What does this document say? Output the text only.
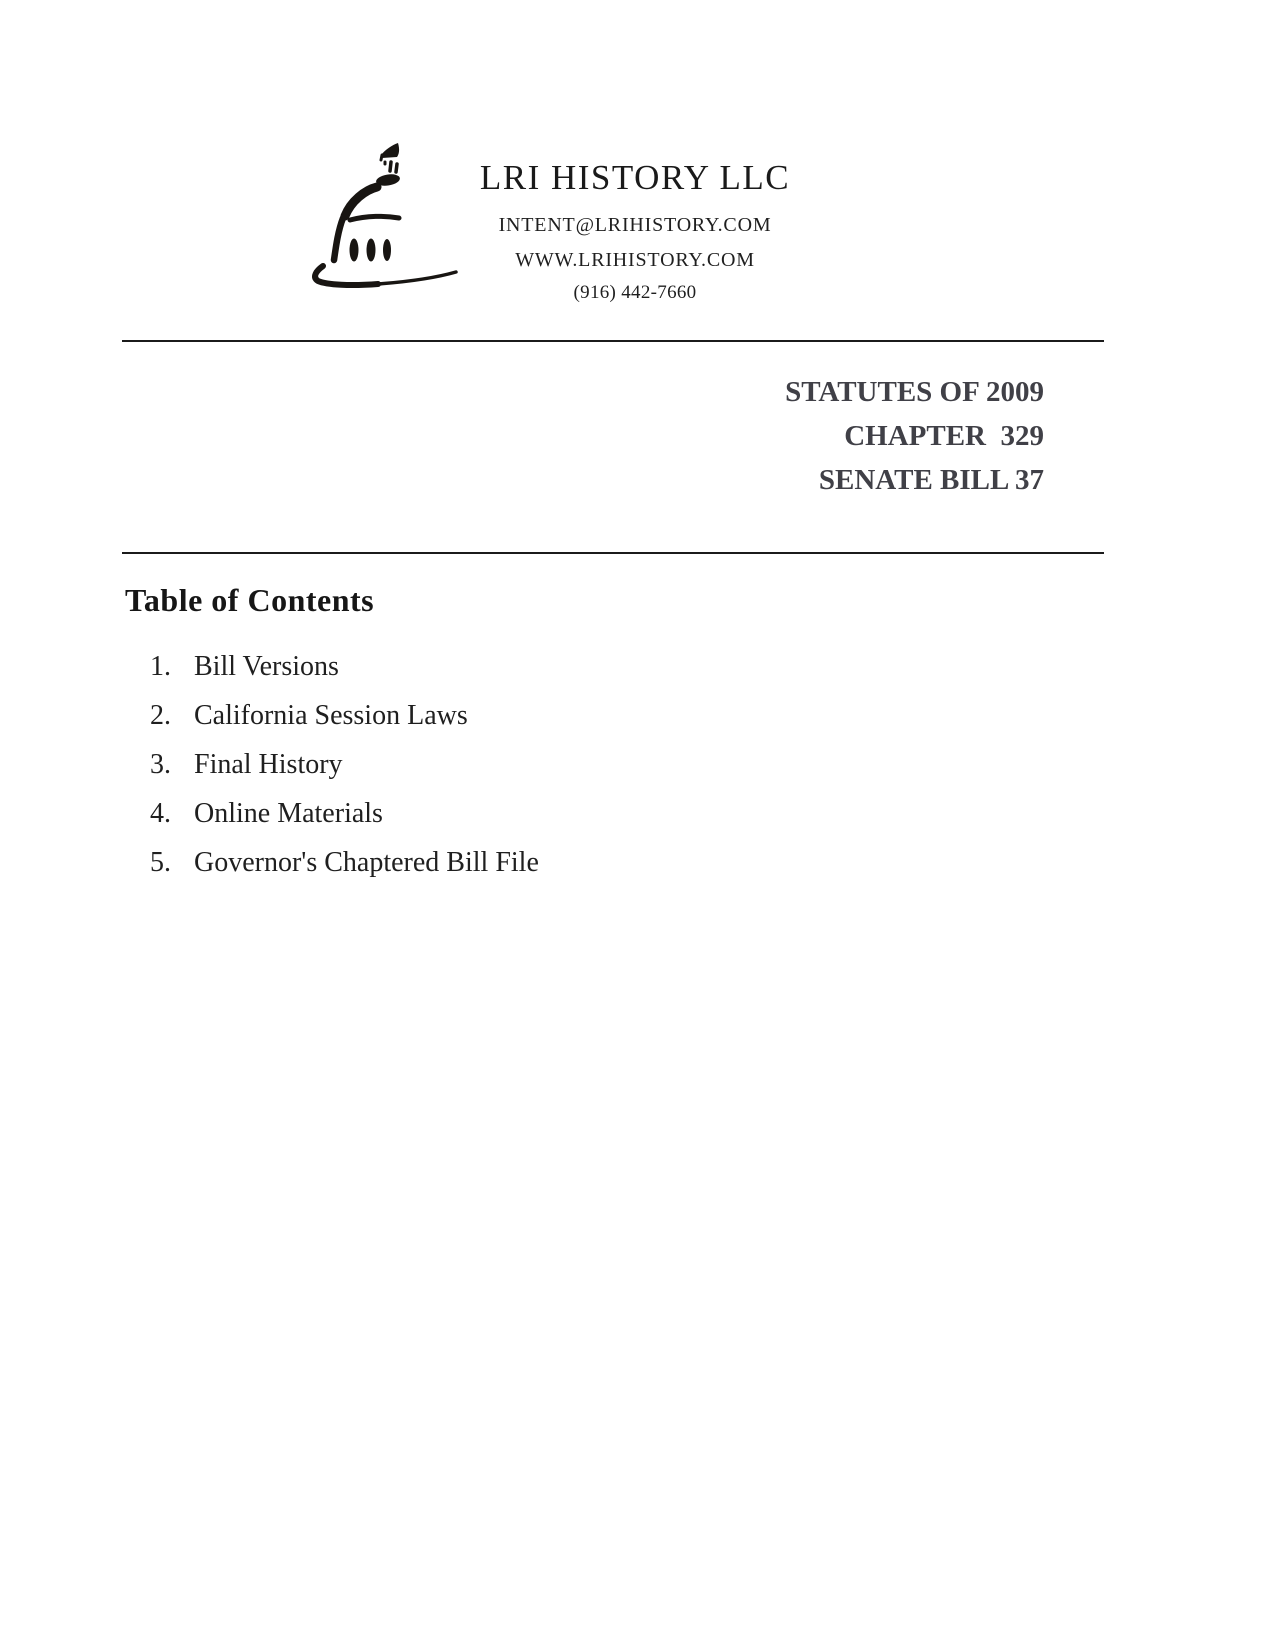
LRI HISTORY LLC
INTENT@LRIHISTORY.COM
WWW.LRIHISTORY.COM
(916) 442-7660
STATUTES OF 2009
CHAPTER  329
SENATE BILL 37
Table of Contents
1. Bill Versions
2. California Session Laws
3. Final History
4. Online Materials
5. Governor's Chaptered Bill File
